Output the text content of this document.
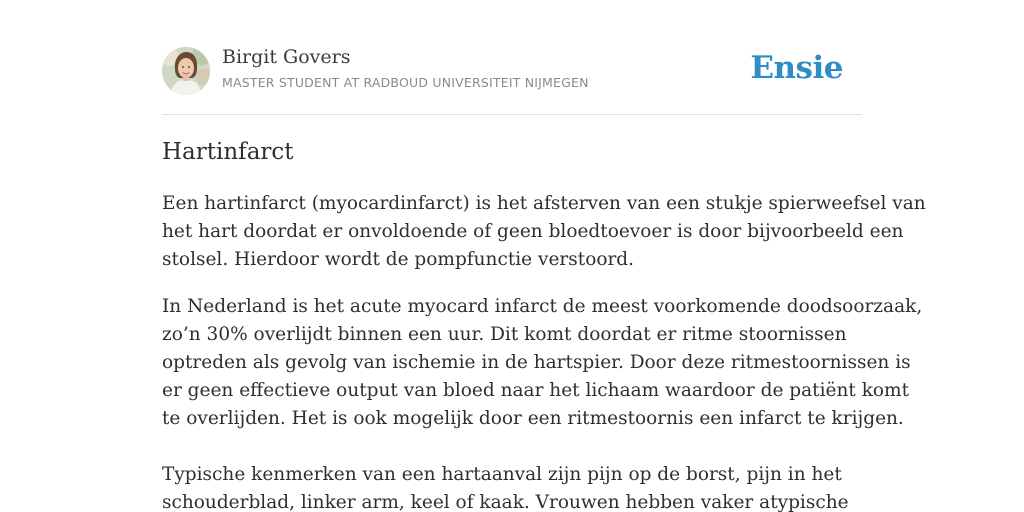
Birgit Govers
MASTER STUDENT AT RADBOUD UNIVERSITEIT NIJMEGEN	Ensie
Hartinfarct

Een hartinfarct (myocardinfarct) is het afsterven van een stukje spierweefsel van
het hart doordat er onvoldoende of geen bloedtoevoer is door bijvoorbeeld een
stolsel. Hierdoor wordt de pompfunctie verstoord.

In Nederland is het acute myocard infarct de meest voorkomende doodsoorzaak,
zo’n 30% overlijdt binnen een uur. Dit komt doordat er ritme stoornissen
optreden als gevolg van ischemie in de hartspier. Door deze ritmestoornissen is
er geen effectieve output van bloed naar het lichaam waardoor de patiënt komt
te overlijden. Het is ook mogelijk door een ritmestoornis een infarct te krijgen.
Typische kenmerken van een hartaanval zijn pijn op de borst, pijn in het
schouderblad, linker arm, keel of kaak. Vrouwen hebben vaker atypische
